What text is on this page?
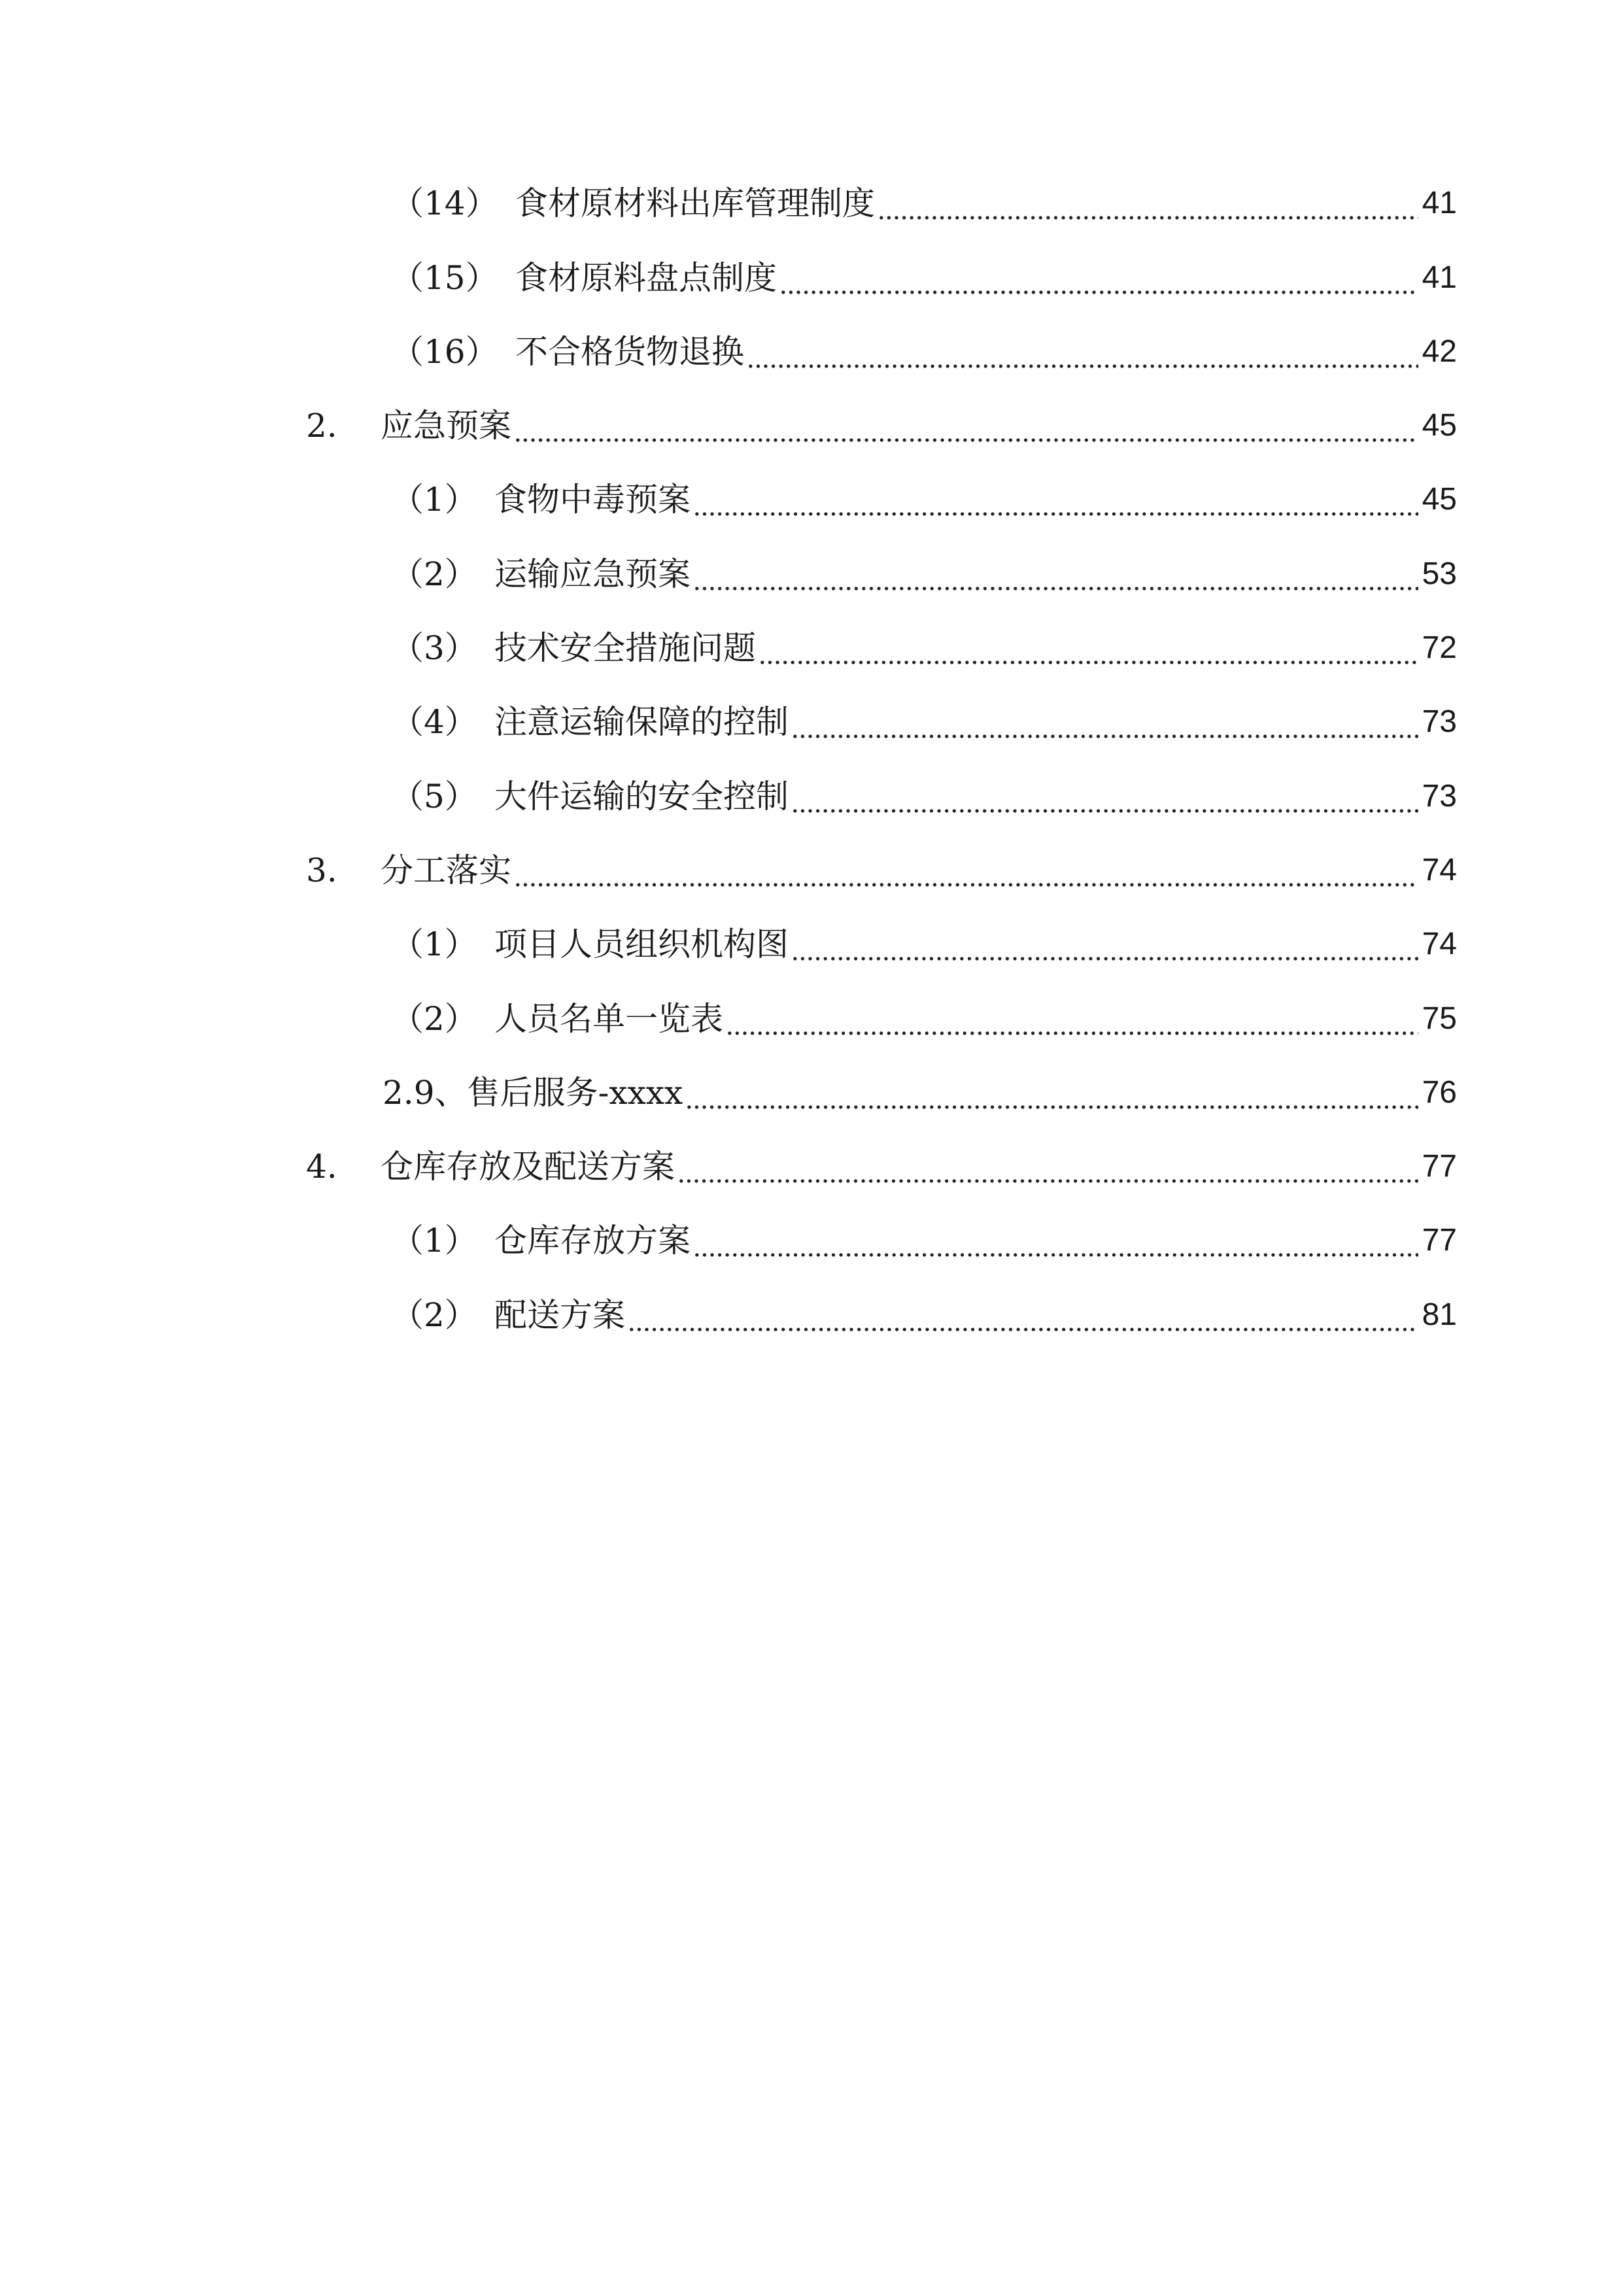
（14） 食材原材料出库管理制度	41
（15） 食材原料盘点制度	41
（16） 不合格货物退换	42
2.	应急预案	45
（1） 食物中毒预案	45
（2） 运输应急预案	53
（3） 技术安全措施问题	72
（4） 注意运输保障的控制	73
（5） 大件运输的安全控制	73
3.	分工落实	74
（1） 项目人员组织机构图	74
（2） 人员名单一览表	75
2.9、售后服务-xxxx	76
4.	仓库存放及配送方案	77
（1） 仓库存放方案	77
（2） 配送方案	81
